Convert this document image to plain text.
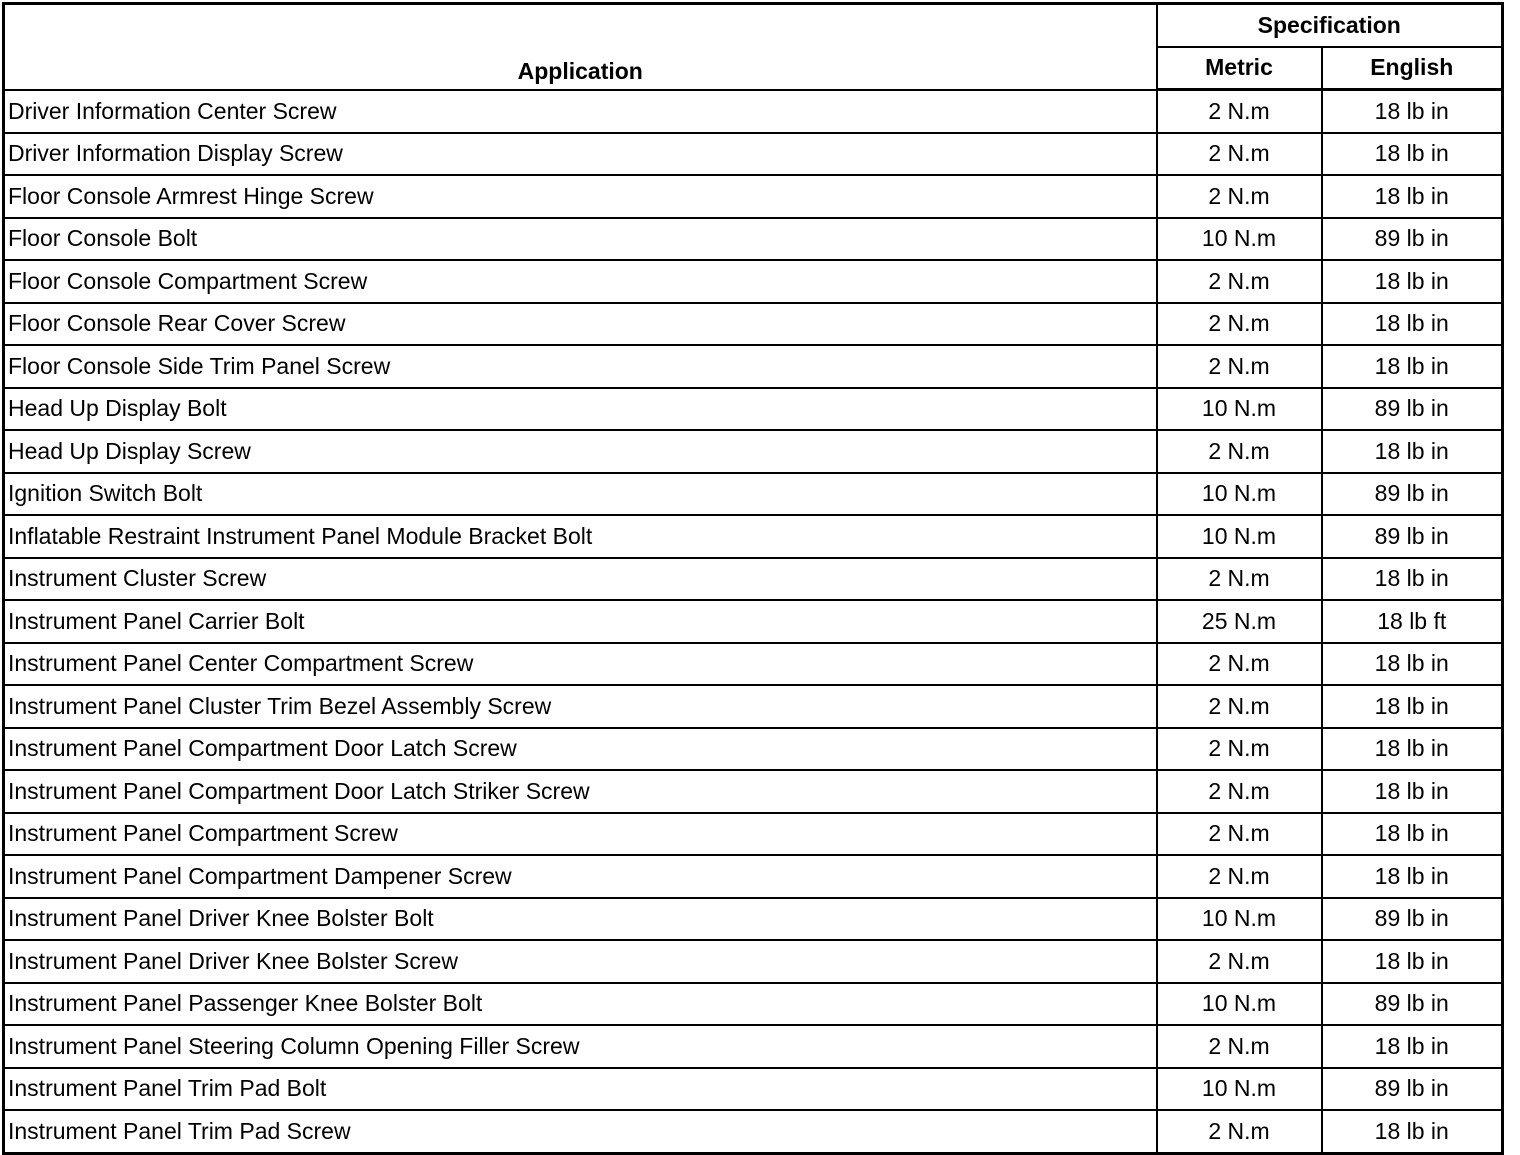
Application	Specification	
	Metric	English
Driver Information Center Screw	2 N.m	18 lb in
Driver Information Display Screw	2 N.m	18 lb in
Floor Console Armrest Hinge Screw	2 N.m	18 lb in
Floor Console Bolt	10 N.m	89 lb in
Floor Console Compartment Screw	2 N.m	18 lb in
Floor Console Rear Cover Screw	2 N.m	18 lb in
Floor Console Side Trim Panel Screw	2 N.m	18 lb in
Head Up Display Bolt	10 N.m	89 lb in
Head Up Display Screw	2 N.m	18 lb in
Ignition Switch Bolt	10 N.m	89 lb in
Inflatable Restraint Instrument Panel Module Bracket Bolt	10 N.m	89 lb in
Instrument Cluster Screw	2 N.m	18 lb in
Instrument Panel Carrier Bolt	25 N.m	18 lb ft
Instrument Panel Center Compartment Screw	2 N.m	18 lb in
Instrument Panel Cluster Trim Bezel Assembly Screw	2 N.m	18 lb in
Instrument Panel Compartment Door Latch Screw	2 N.m	18 lb in
Instrument Panel Compartment Door Latch Striker Screw	2 N.m	18 lb in
Instrument Panel Compartment Screw	2 N.m	18 lb in
Instrument Panel Compartment Dampener Screw	2 N.m	18 lb in
Instrument Panel Driver Knee Bolster Bolt	10 N.m	89 lb in
Instrument Panel Driver Knee Bolster Screw	2 N.m	18 lb in
Instrument Panel Passenger Knee Bolster Bolt	10 N.m	89 lb in
Instrument Panel Steering Column Opening Filler Screw	2 N.m	18 lb in
Instrument Panel Trim Pad Bolt	10 N.m	89 lb in
Instrument Panel Trim Pad Screw	2 N.m	18 lb in
